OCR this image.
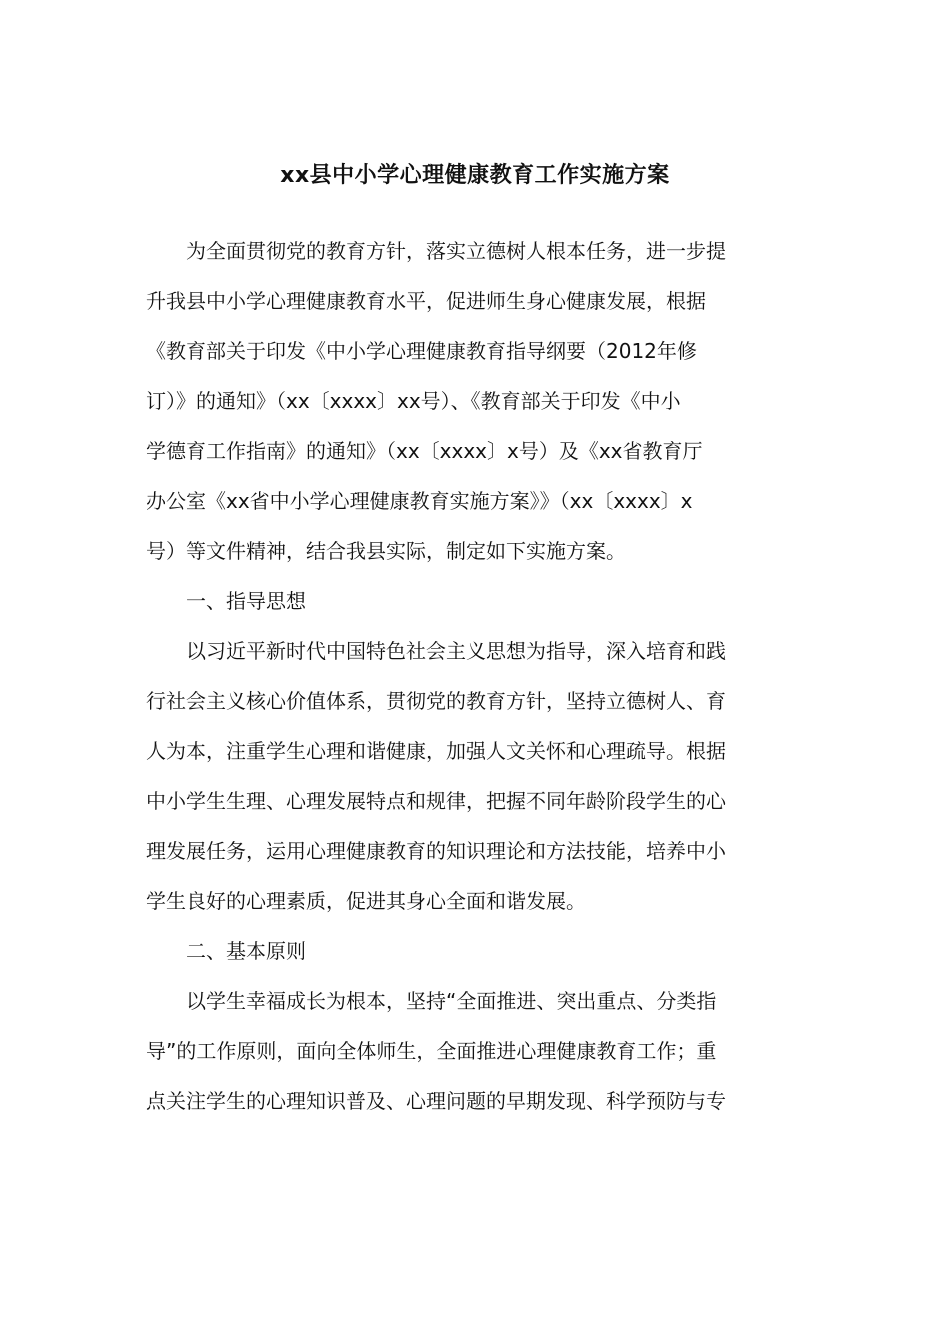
xx县中小学心理健康教育工作实施方案

　　为全面贯彻党的教育方针，落实立德树人根本任务，进一步提
升我县中小学心理健康教育水平，促进师生身心健康发展，根据
《教育部关于印发《中小学心理健康教育指导纲要（2012年修
订）》的通知》（xx〔xxxx〕xx号）、《教育部关于印发《中小
学德育工作指南》的通知》（xx〔xxxx〕x号）及《xx省教育厅
办公室《xx省中小学心理健康教育实施方案》》（xx〔xxxx〕x
号）等文件精神，结合我县实际，制定如下实施方案。

　　一、指导思想

　　以习近平新时代中国特色社会主义思想为指导，深入培育和践
行社会主义核心价值体系，贯彻党的教育方针，坚持立德树人、育
人为本，注重学生心理和谐健康，加强人文关怀和心理疏导。根据
中小学生生理、心理发展特点和规律，把握不同年龄阶段学生的心
理发展任务，运用心理健康教育的知识理论和方法技能，培养中小
学生良好的心理素质，促进其身心全面和谐发展。

　　二、基本原则

　　以学生幸福成长为根本，坚持“全面推进、突出重点、分类指
导”的工作原则，面向全体师生，全面推进心理健康教育工作；重
点关注学生的心理知识普及、心理问题的早期发现、科学预防与专
